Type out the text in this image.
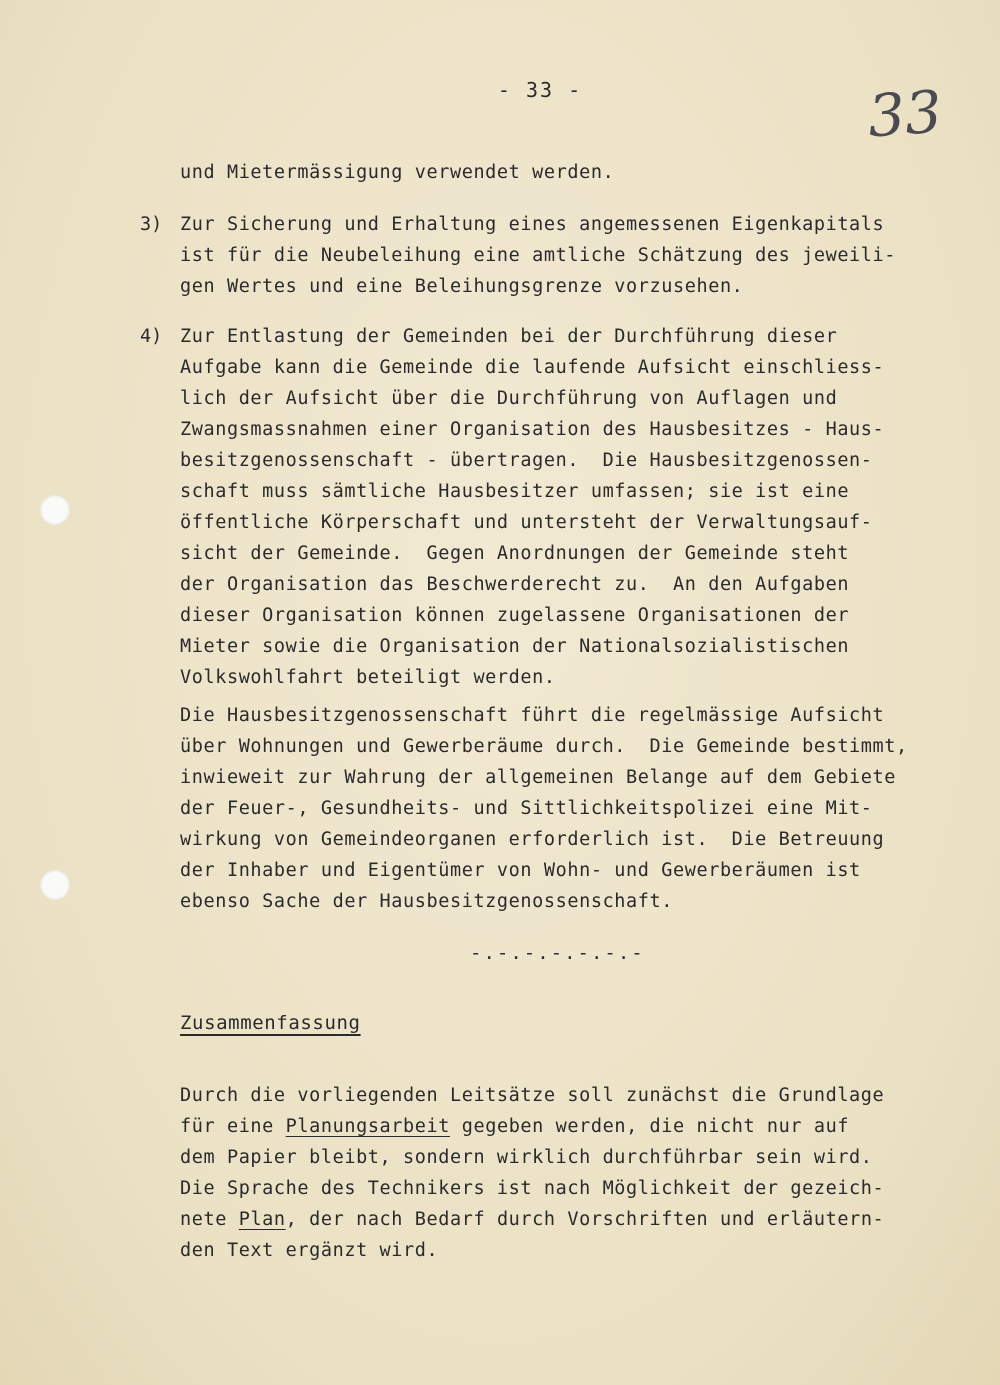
- 33 -	33
und Mietermässigung verwendet werden.
3) Zur Sicherung und Erhaltung eines angemessenen Eigenkapitals
ist für die Neubeleihung eine amtliche Schätzung des jeweili-
gen Wertes und eine Beleihungsgrenze vorzusehen.
4) Zur Entlastung der Gemeinden bei der Durchführung dieser
Aufgabe kann die Gemeinde die laufende Aufsicht einschliess-
lich der Aufsicht über die Durchführung von Auflagen und
Zwangsmassnahmen einer Organisation des Hausbesitzes - Haus-
besitzgenossenschaft - übertragen.  Die Hausbesitzgenossen-
schaft muss sämtliche Hausbesitzer umfassen; sie ist eine
öffentliche Körperschaft und untersteht der Verwaltungsauf-
sicht der Gemeinde.  Gegen Anordnungen der Gemeinde steht
der Organisation das Beschwerderecht zu.  An den Aufgaben
dieser Organisation können zugelassene Organisationen der
Mieter sowie die Organisation der Nationalsozialistischen
Volkswohlfahrt beteiligt werden.
Die Hausbesitzgenossenschaft führt die regelmässige Aufsicht
über Wohnungen und Gewerberäume durch.  Die Gemeinde bestimmt,
inwieweit zur Wahrung der allgemeinen Belange auf dem Gebiete
der Feuer-, Gesundheits- und Sittlichkeitspolizei eine Mit-
wirkung von Gemeindeorganen erforderlich ist.  Die Betreuung
der Inhaber und Eigentümer von Wohn- und Gewerberäumen ist
ebenso Sache der Hausbesitzgenossenschaft.
-.-.-.-.-.-.-
Zusammenfassung
Durch die vorliegenden Leitsätze soll zunächst die Grundlage
für eine Planungsarbeit gegeben werden, die nicht nur auf
dem Papier bleibt, sondern wirklich durchführbar sein wird.
Die Sprache des Technikers ist nach Möglichkeit der gezeich-
nete Plan, der nach Bedarf durch Vorschriften und erläutern-
den Text ergänzt wird.
